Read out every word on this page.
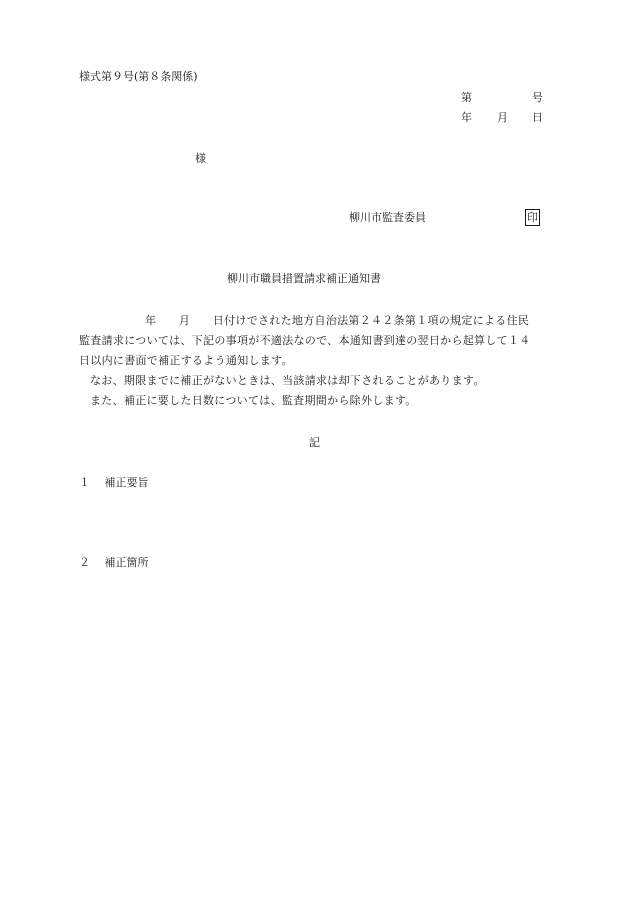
様式第９号(第８条関係)
第	号
年 月 日
様
柳川市監査委員	印
柳川市職員措置請求補正通知書

年　　月　　日付けでされた地方自治法第２４２条第１項の規定による住民

監査請求については、下記の事項が不適法なので、本通知書到達の翌日から起算して１４

日以内に書面で補正するよう通知します。

なお、期限までに補正がないときは、当該請求は却下されることがあります。

また、補正に要した日数については、監査期間から除外します。

記
１ 補正要旨
２ 補正箇所
